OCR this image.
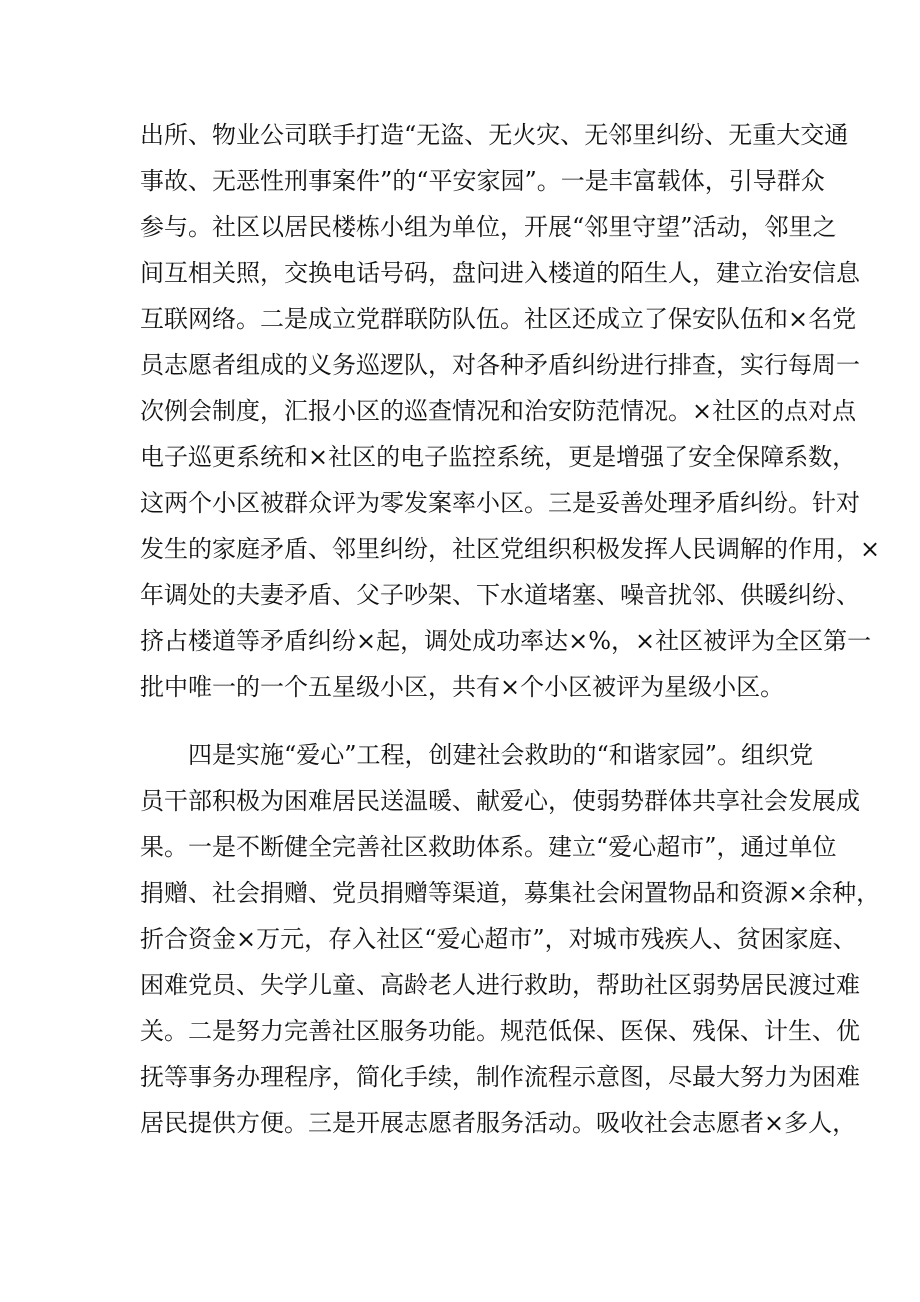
出所、物业公司联手打造“无盗、无火灾、无邻里纠纷、无重大交通
事故、无恶性刑事案件”的“平安家园”。一是丰富载体，引导群众
参与。社区以居民楼栋小组为单位，开展“邻里守望”活动，邻里之
间互相关照，交换电话号码，盘问进入楼道的陌生人，建立治安信息
互联网络。二是成立党群联防队伍。社区还成立了保安队伍和×名党
员志愿者组成的义务巡逻队，对各种矛盾纠纷进行排查，实行每周一
次例会制度，汇报小区的巡查情况和治安防范情况。×社区的点对点
电子巡更系统和×社区的电子监控系统，更是增强了安全保障系数，
这两个小区被群众评为零发案率小区。三是妥善处理矛盾纠纷。针对
发生的家庭矛盾、邻里纠纷，社区党组织积极发挥人民调解的作用，×
年调处的夫妻矛盾、父子吵架、下水道堵塞、噪音扰邻、供暖纠纷、
挤占楼道等矛盾纠纷×起，调处成功率达×%，×社区被评为全区第一
批中唯一的一个五星级小区，共有×个小区被评为星级小区。
四是实施“爱心”工程，创建社会救助的“和谐家园”。组织党
员干部积极为困难居民送温暖、献爱心，使弱势群体共享社会发展成
果。一是不断健全完善社区救助体系。建立“爱心超市”，通过单位
捐赠、社会捐赠、党员捐赠等渠道，募集社会闲置物品和资源×余种，
折合资金×万元，存入社区“爱心超市”，对城市残疾人、贫困家庭、
困难党员、失学儿童、高龄老人进行救助，帮助社区弱势居民渡过难
关。二是努力完善社区服务功能。规范低保、医保、残保、计生、优
抚等事务办理程序，简化手续，制作流程示意图，尽最大努力为困难
居民提供方便。三是开展志愿者服务活动。吸收社会志愿者×多人，
